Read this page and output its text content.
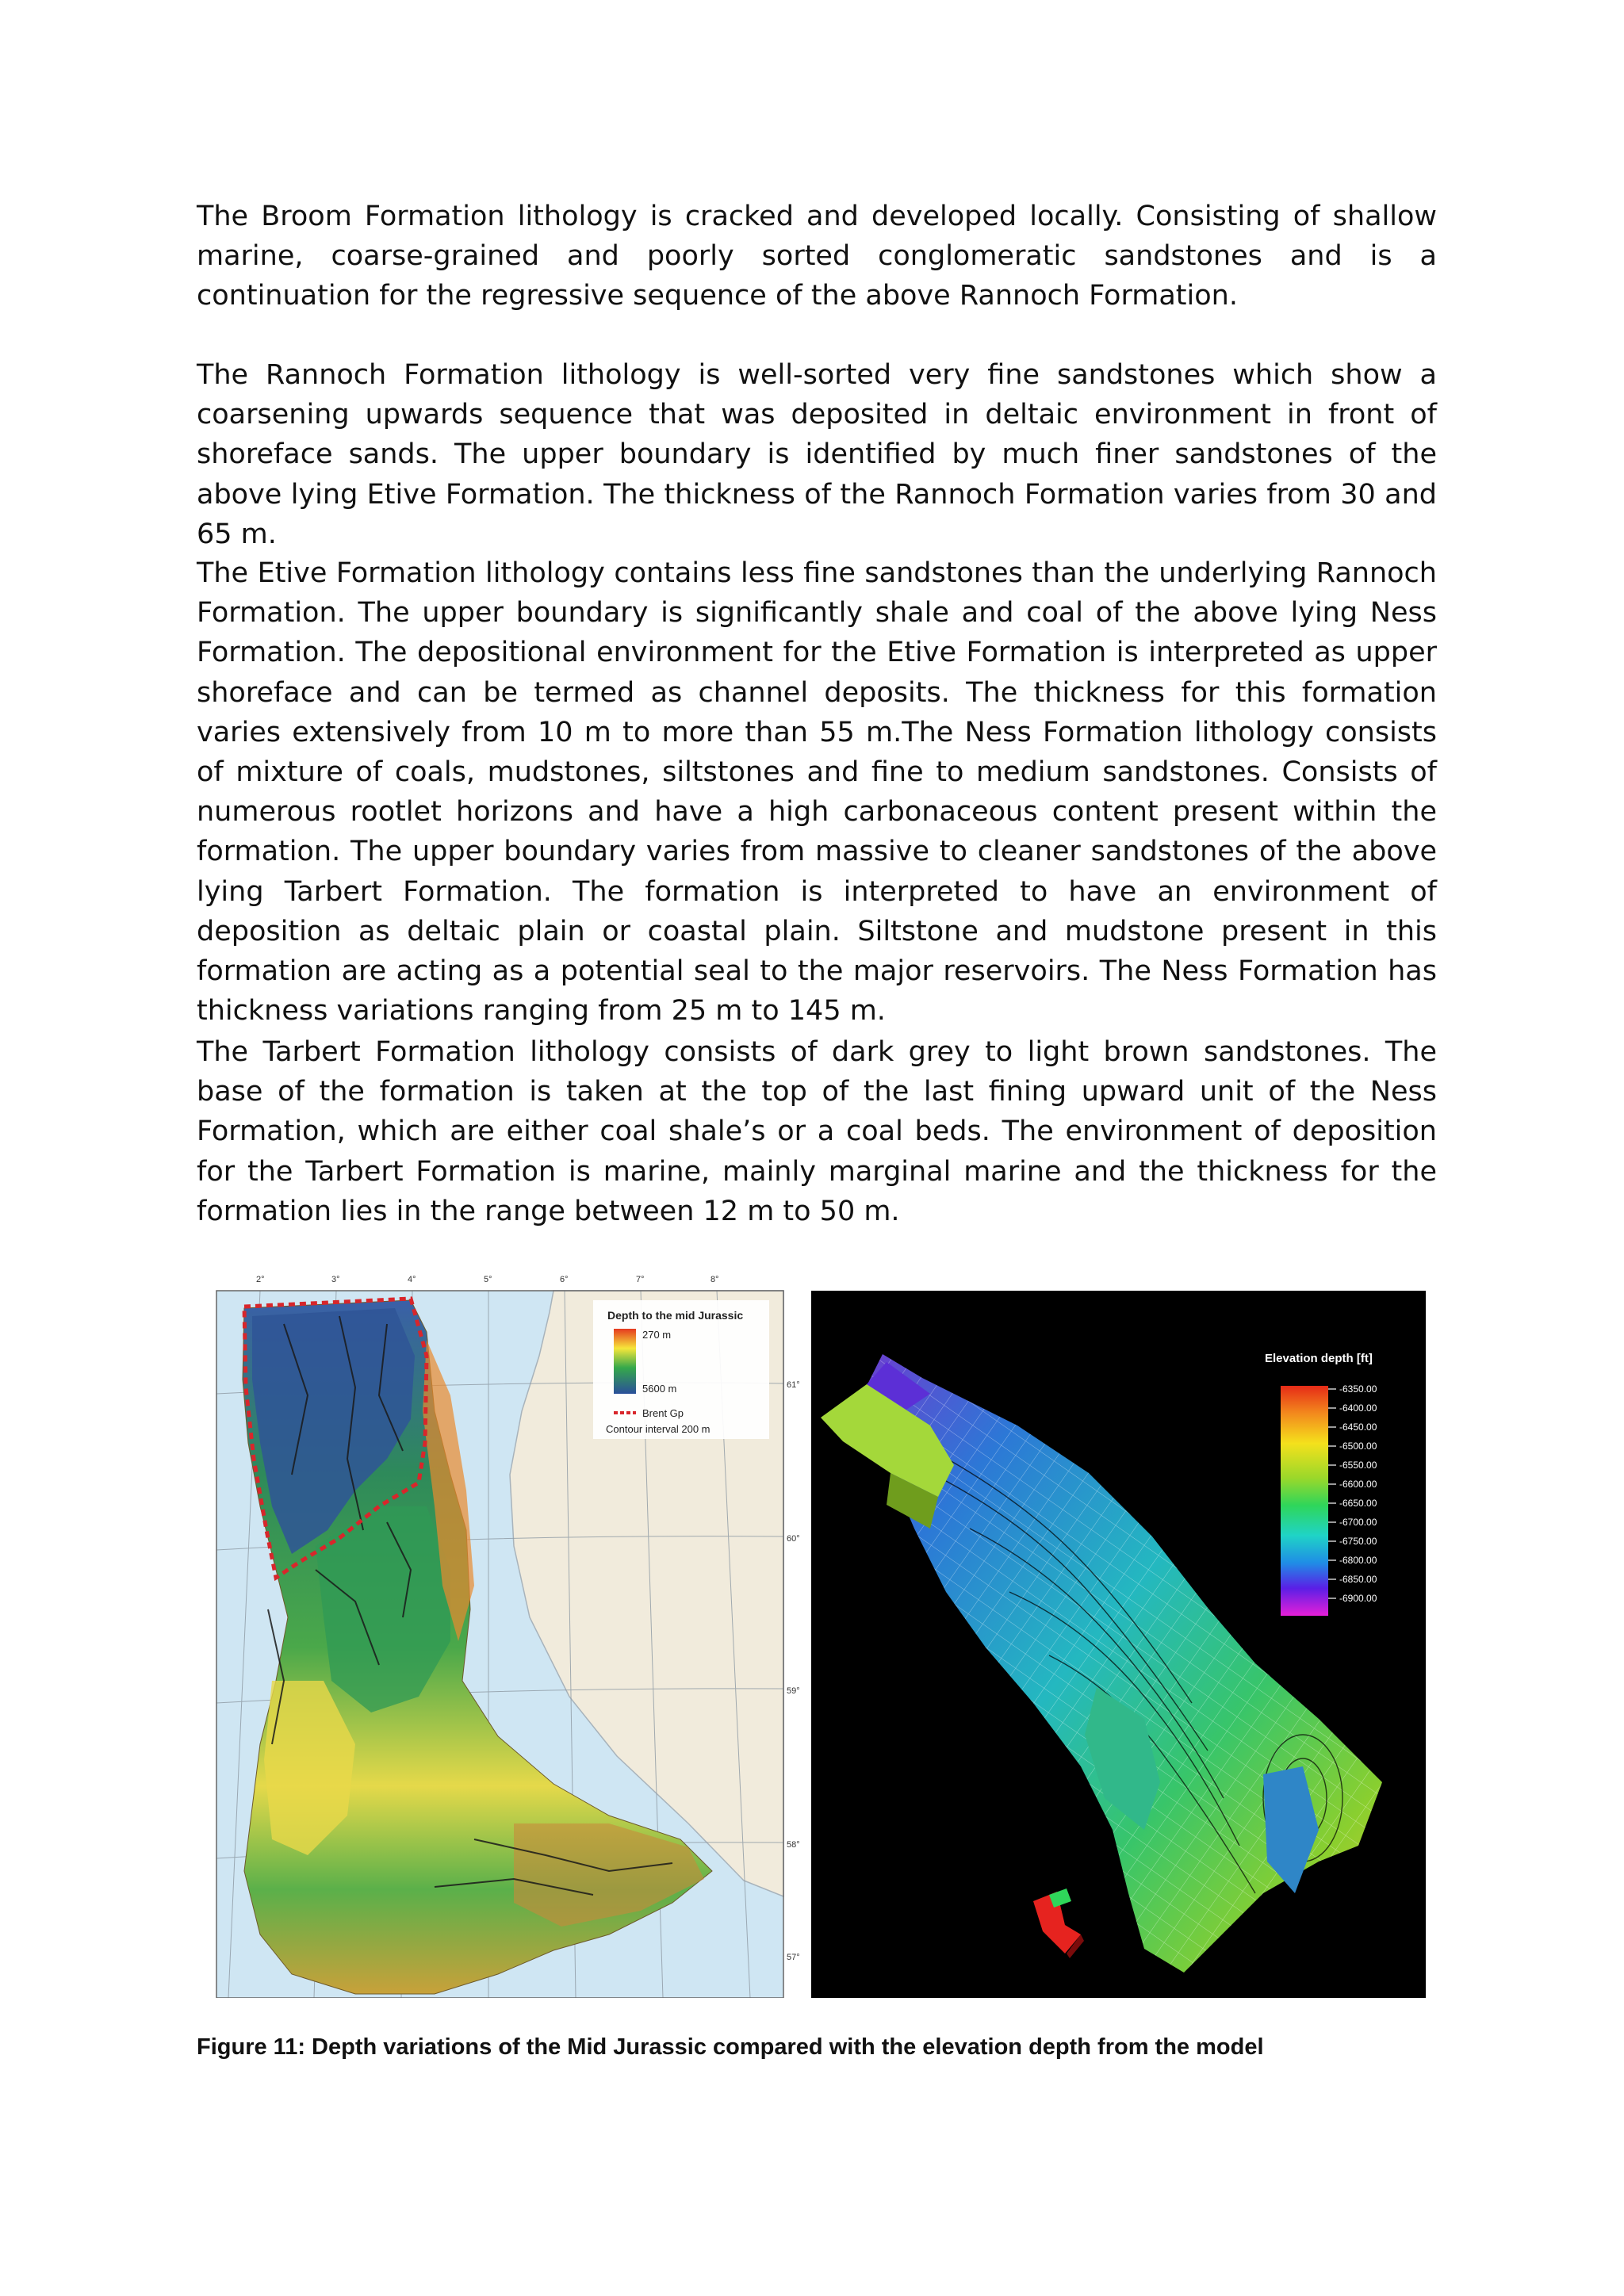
The Broom Formation lithology is cracked and developed locally. Consisting of shallow marine, coarse-grained and poorly sorted conglomeratic sandstones and is a continuation for the regressive sequence of the above Rannoch Formation.

The Rannoch Formation lithology is well-sorted very fine sandstones which show a coarsening upwards sequence that was deposited in deltaic environment in front of shoreface sands. The upper boundary is identified by much finer sandstones of the above lying Etive Formation. The thickness of the Rannoch Formation varies from 30 and 65 m.

The Etive Formation lithology contains less fine sandstones than the underlying Rannoch Formation. The upper boundary is significantly shale and coal of the above lying Ness Formation. The depositional environment for the Etive Formation is interpreted as upper shoreface and can be termed as channel deposits. The thickness for this formation varies extensively from 10 m to more than 55 m.The Ness Formation lithology consists of mixture of coals, mudstones, siltstones and fine to medium sandstones. Consists of numerous rootlet horizons and have a high carbonaceous content present within the formation. The upper boundary varies from massive to cleaner sandstones of the above lying Tarbert Formation. The formation is interpreted to have an environment of deposition as deltaic plain or coastal plain. Siltstone and mudstone present in this formation are acting as a potential seal to the major reservoirs. The Ness Formation has thickness variations ranging from 25 m to 145 m.

The Tarbert Formation lithology consists of dark grey to light brown sandstones. The base of the formation is taken at the top of the last fining upward unit of the Ness Formation, which are either coal shale’s or a coal beds. The environment of deposition for the Tarbert Formation is marine, mainly marginal marine and the thickness for the formation lies in the range between 12 m to 50 m.

2°	3°	4°	5°	6°	7°	8°
61°
60°
59°
58°
57°
Depth to the mid Jurassic
270 m
5600 m
Brent Gp
Contour interval 200 m
Elevation depth [ft]
-6350.00
-6400.00
-6450.00
-6500.00
-6550.00
-6600.00
-6650.00
-6700.00
-6750.00
-6800.00
-6850.00
-6900.00

Figure 11: Depth variations of the Mid Jurassic compared with the elevation depth from the model
